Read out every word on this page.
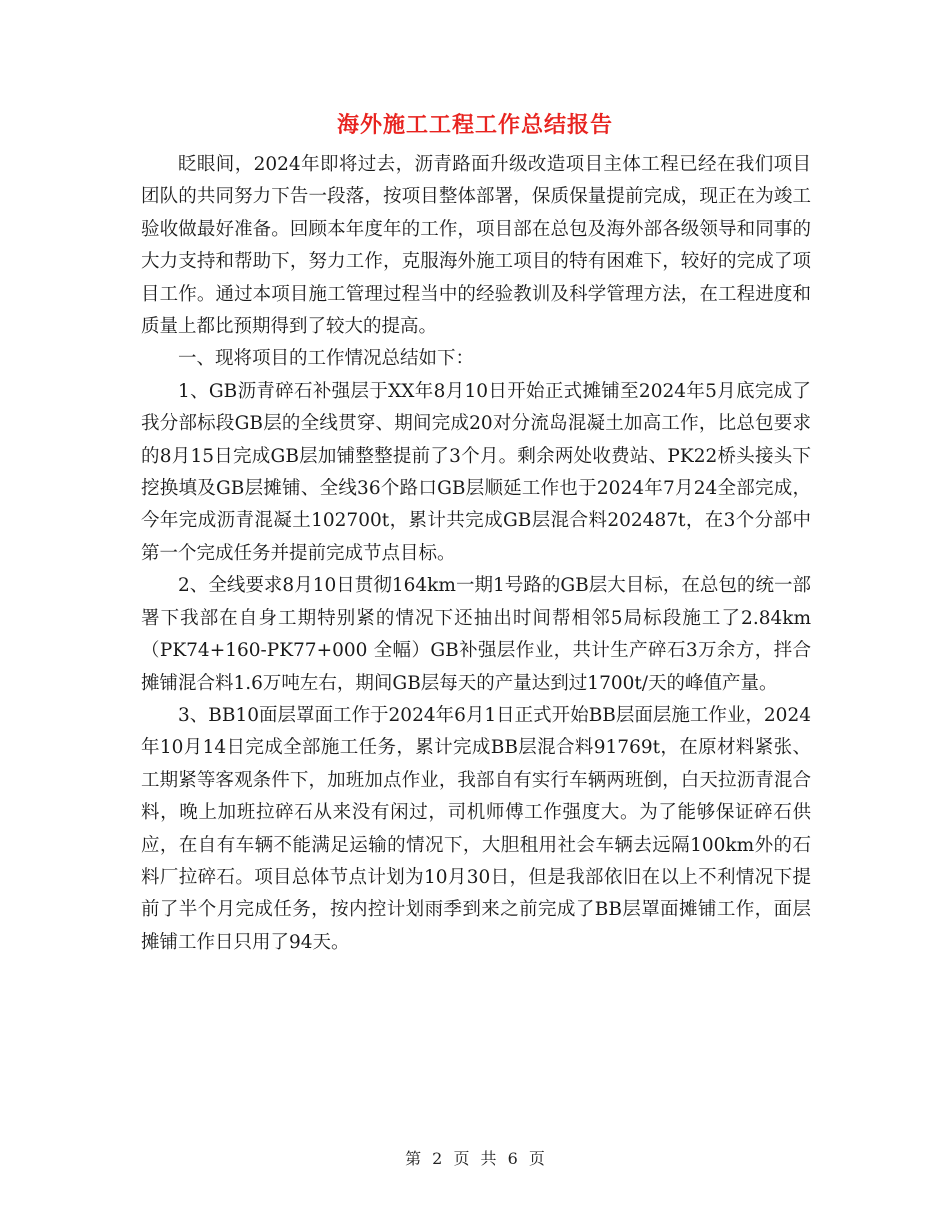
海外施工工程工作总结报告

眨眼间，2024年即将过去，沥青路面升级改造项目主体工程已经在我们项目团队的共同努力下告一段落，按项目整体部署，保质保量提前完成，现正在为竣工验收做最好准备。回顾本年度年的工作，项目部在总包及海外部各级领导和同事的大力支持和帮助下，努力工作，克服海外施工项目的特有困难下，较好的完成了项目工作。通过本项目施工管理过程当中的经验教训及科学管理方法，在工程进度和质量上都比预期得到了较大的提高。

一、现将项目的工作情况总结如下：

1、GB沥青碎石补强层于XX年8月10日开始正式摊铺至2024年5月底完成了我分部标段GB层的全线贯穿、期间完成20对分流岛混凝土加高工作，比总包要求的8月15日完成GB层加铺整整提前了3个月。剩余两处收费站、PK22桥头接头下挖换填及GB层摊铺、全线36个路口GB层顺延工作也于2024年7月24全部完成，今年完成沥青混凝土102700t，累计共完成GB层混合料202487t，在3个分部中第一个完成任务并提前完成节点目标。

2、全线要求8月10日贯彻164km一期1号路的GB层大目标，在总包的统一部署下我部在自身工期特别紧的情况下还抽出时间帮相邻5局标段施工了2.84km（PK74+160-PK77+000 全幅）GB补强层作业，共计生产碎石3万余方，拌合摊铺混合料1.6万吨左右，期间GB层每天的产量达到过1700t/天的峰值产量。

3、BB10面层罩面工作于2024年6月1日正式开始BB层面层施工作业，2024年10月14日完成全部施工任务，累计完成BB层混合料91769t，在原材料紧张、工期紧等客观条件下，加班加点作业，我部自有实行车辆两班倒，白天拉沥青混合料，晚上加班拉碎石从来没有闲过，司机师傅工作强度大。为了能够保证碎石供应，在自有车辆不能满足运输的情况下，大胆租用社会车辆去远隔100km外的石料厂拉碎石。项目总体节点计划为10月30日，但是我部依旧在以上不利情况下提前了半个月完成任务，按内控计划雨季到来之前完成了BB层罩面摊铺工作，面层摊铺工作日只用了94天。

第 2 页 共 6 页
